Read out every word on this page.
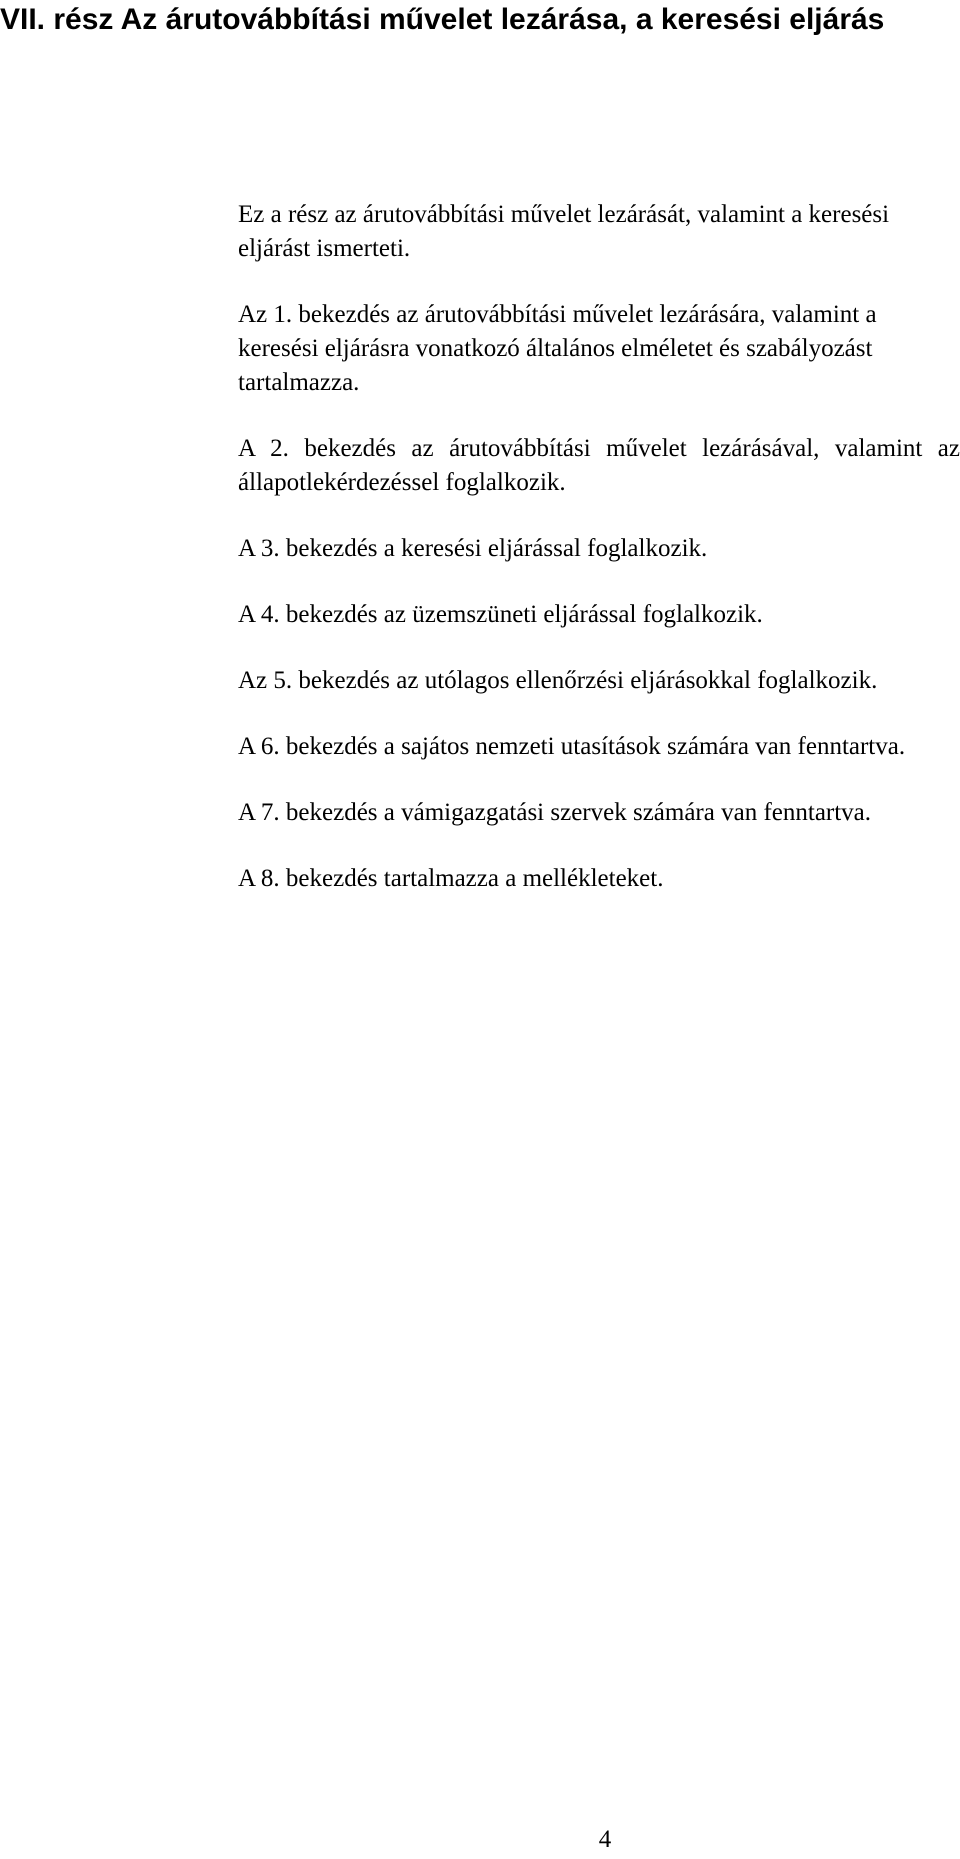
VII. rész Az árutovábbítási művelet lezárása, a keresési eljárás

Ez a rész az árutovábbítási művelet lezárását, valamint a keresési eljárást ismerteti.

Az 1. bekezdés az árutovábbítási művelet lezárására, valamint a keresési eljárásra vonatkozó általános elméletet és szabályozást tartalmazza.

A 2. bekezdés az árutovábbítási művelet lezárásával, valamint az állapotlekérdezéssel foglalkozik.

A 3. bekezdés a keresési eljárással foglalkozik.

A 4. bekezdés az üzemszüneti eljárással foglalkozik.

Az 5. bekezdés az utólagos ellenőrzési eljárásokkal foglalkozik.

A 6. bekezdés a sajátos nemzeti utasítások számára van fenntartva.

A 7. bekezdés a vámigazgatási szervek számára van fenntartva.

A 8. bekezdés tartalmazza a mellékleteket.

4
